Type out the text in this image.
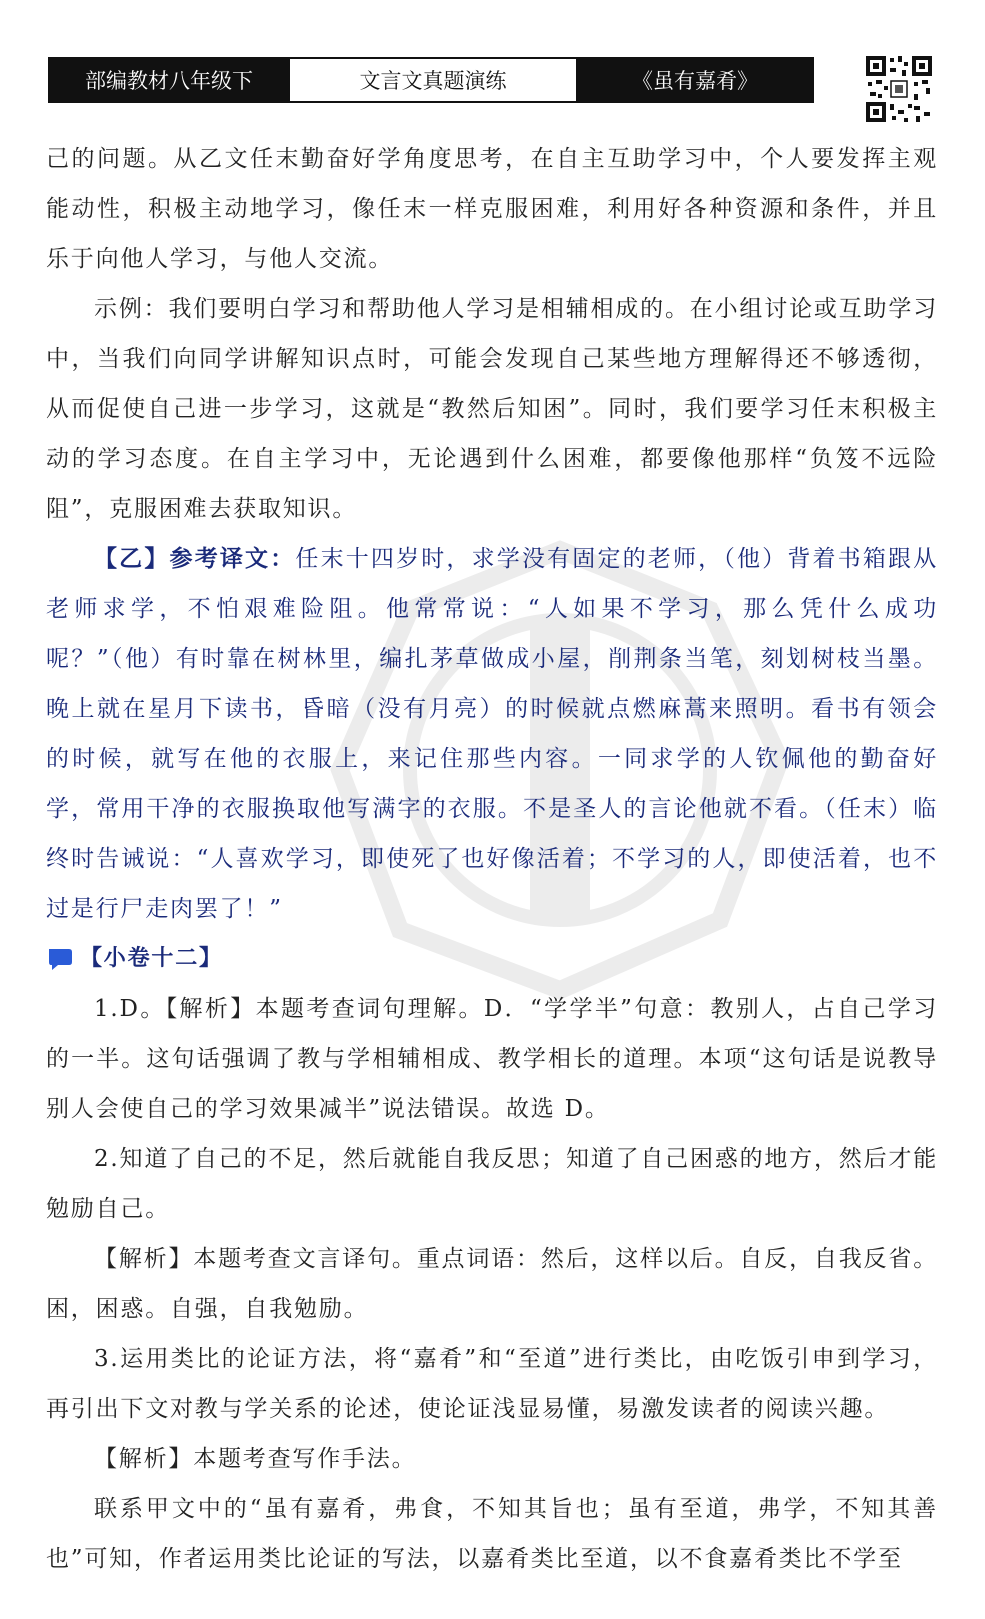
部编教材八年级下	文言文真题演练	《虽有嘉肴》

己的问题。从乙文任末勤奋好学角度思考，在自主互助学习中，个人要发挥主观能动性，积极主动地学习，像任末一样克服困难，利用好各种资源和条件，并且乐于向他人学习，与他人交流。

示例：我们要明白学习和帮助他人学习是相辅相成的。在小组讨论或互助学习中，当我们向同学讲解知识点时，可能会发现自己某些地方理解得还不够透彻，从而促使自己进一步学习，这就是“教然后知困”。同时，我们要学习任末积极主动的学习态度。在自主学习中，无论遇到什么困难，都要像他那样“负笈不远险阻”，克服困难去获取知识。

【乙】参考译文：任末十四岁时，求学没有固定的老师，（他）背着书箱跟从老师求学，不怕艰难险阻。他常常说：“人如果不学习，那么凭什么成功呢？”（他）有时靠在树林里，编扎茅草做成小屋，削荆条当笔，刻划树枝当墨。晚上就在星月下读书，昏暗（没有月亮）的时候就点燃麻蒿来照明。看书有领会的时候，就写在他的衣服上，来记住那些内容。一同求学的人钦佩他的勤奋好学，常用干净的衣服换取他写满字的衣服。不是圣人的言论他就不看。（任末）临终时告诫说：“人喜欢学习，即使死了也好像活着；不学习的人，即使活着，也不过是行尸走肉罢了！”

【小卷十二】

1.D。【解析】本题考查词句理解。D．“学学半”句意：教别人，占自己学习的一半。这句话强调了教与学相辅相成、教学相长的道理。本项“这句话是说教导别人会使自己的学习效果减半”说法错误。故选 D。

2.知道了自己的不足，然后就能自我反思；知道了自己困惑的地方，然后才能勉励自己。

【解析】本题考查文言译句。重点词语：然后，这样以后。自反，自我反省。困，困惑。自强，自我勉励。

3.运用类比的论证方法，将“嘉肴”和“至道”进行类比，由吃饭引申到学习，再引出下文对教与学关系的论述，使论证浅显易懂，易激发读者的阅读兴趣。

【解析】本题考查写作手法。

联系甲文中的“虽有嘉肴，弗食，不知其旨也；虽有至道，弗学，不知其善也”可知，作者运用类比论证的写法，以嘉肴类比至道，以不食嘉肴类比不学至
